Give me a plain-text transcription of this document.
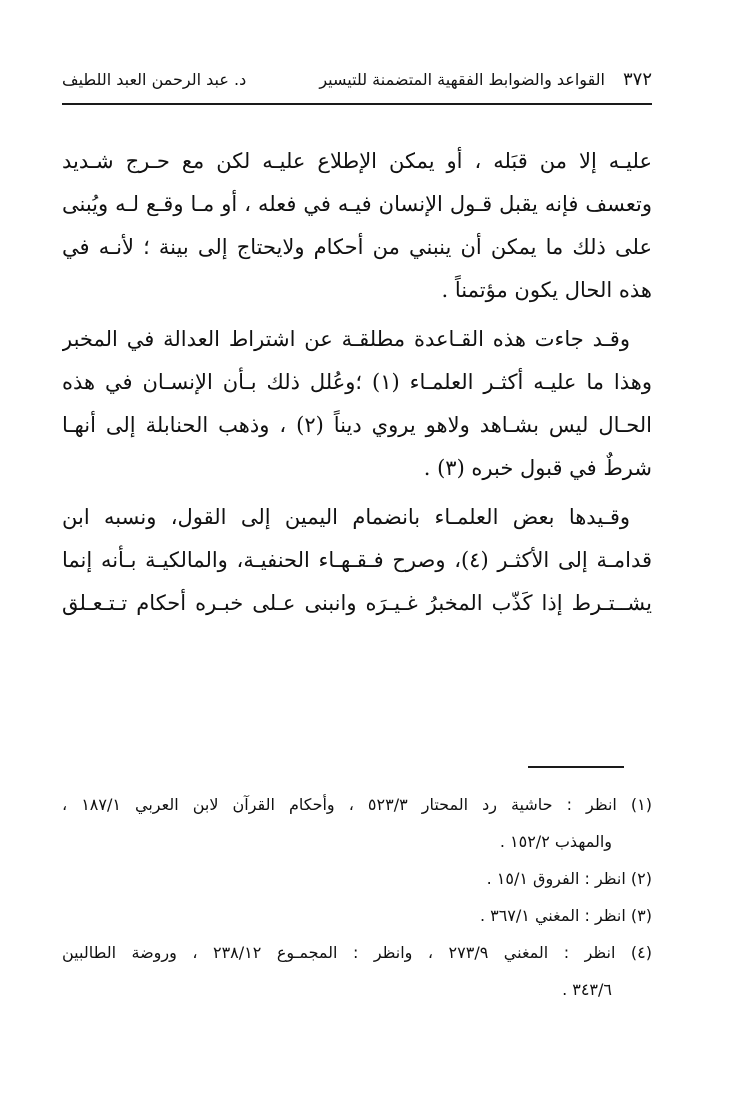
٣٧٢
القواعد والضوابط الفقهية المتضمنة للتيسير
د. عبد الرحمن العبد اللطيف
عليـه إلا من قبَله ، أو يمكن الإطلاع عليـه لكن مع حـرج شـديد
وتعسف فإنه يقبل قـول الإنسان فيـه في فعله ، أو مـا وقـع لـه ويُبنى
على ذلك ما يمكن أن ينبني من أحكام ولايحتاج إلى بينة ؛ لأنـه في
هذه الحال يكون مؤتمناً .
وقـد جاءت هذه القـاعدة مطلقـة عن اشتراط العدالة في المخبر
وهذا ما عليـه أكثـر العلمـاء (١) ؛وعُلل ذلك بـأن الإنسـان في هذه
الحـال ليس بشـاهد ولاهو يروي ديناً (٢) ، وذهب الحنابلة إلى أنهـا
شرطٌ في قبول خبره (٣) .
وقـيدها بعض العلمـاء بانضمام اليمين إلى القول، ونسبه ابن
قدامـة إلى الأكثـر (٤)، وصرح فـقـهـاء الحنفيـة، والمالكيـة بـأنه إنما
يشــتـرط إذا كَذّب المخبرُ غـيـرَه وانبنى عـلى خبـره أحكام تـتـعـلق
(١) انظر : حاشية رد المحتار ٥٢٣/٣ ، وأحكام القرآن لابن العربي ١٨٧/١ ،
والمهذب ١٥٢/٢ .
(٢) انظر : الفروق ١٥/١ .
(٣) انظر : المغني ٣٦٧/١ .
(٤) انظر : المغني ٢٧٣/٩ ، وانظر : المجمـوع ٢٣٨/١٢ ، وروضة الطالبين
٣٤٣/٦ .
